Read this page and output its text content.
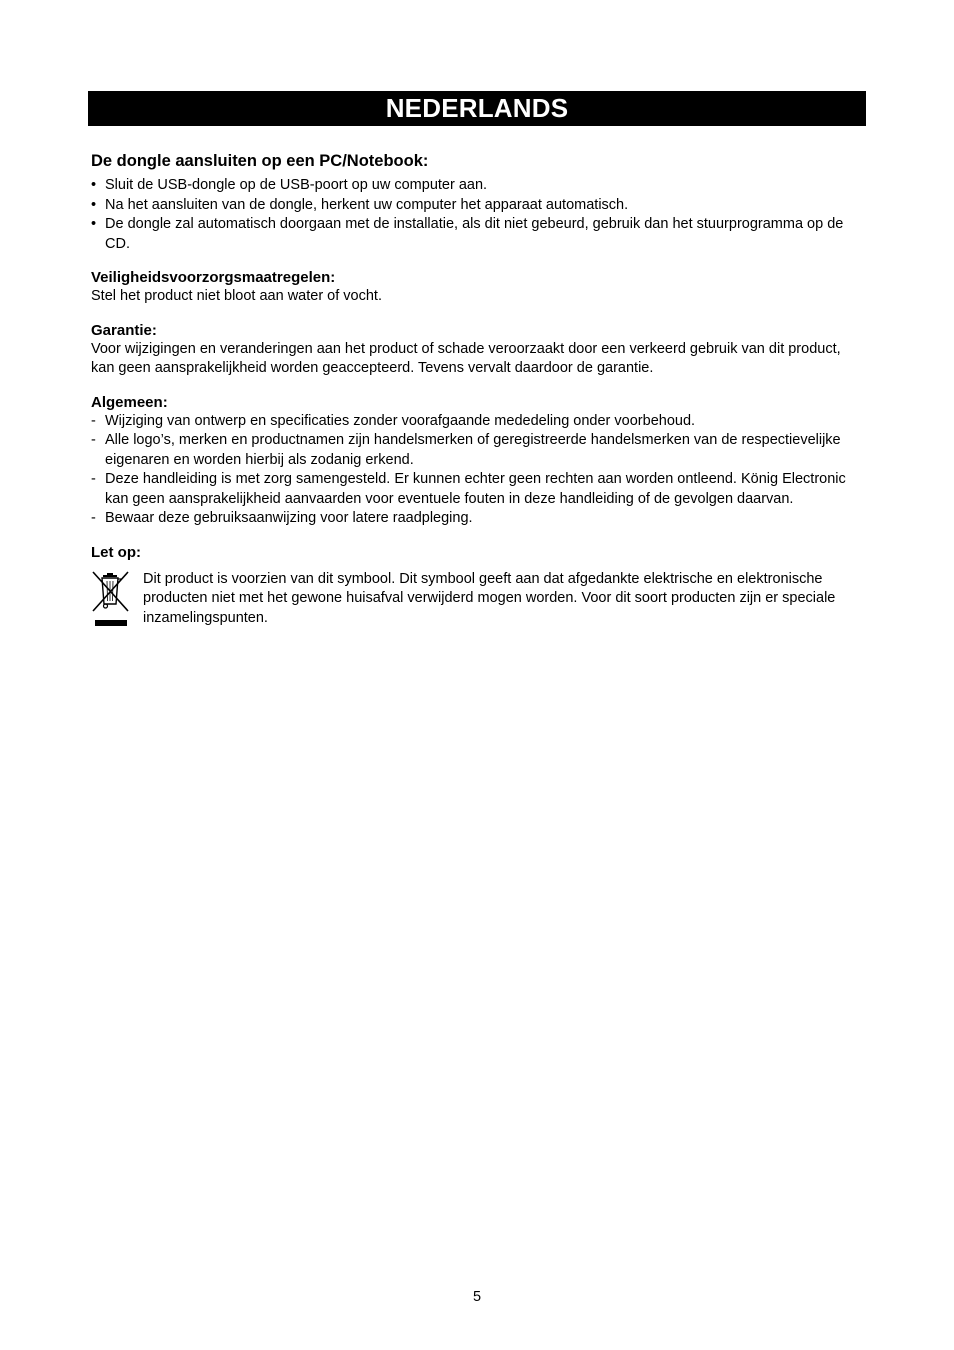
NEDERLANDS
De dongle aansluiten op een PC/Notebook:
• Sluit de USB-dongle op de USB-poort op uw computer aan.
• Na het aansluiten van de dongle, herkent uw computer het apparaat automatisch.
• De dongle zal automatisch doorgaan met de installatie, als dit niet gebeurd, gebruik dan het stuurprogramma op de CD.
Veiligheidsvoorzorgsmaatregelen:

Stel het product niet bloot aan water of vocht.

Garantie:

Voor wijzigingen en veranderingen aan het product of schade veroorzaakt door een verkeerd gebruik van dit product, kan geen aansprakelijkheid worden geaccepteerd. Tevens vervalt daardoor de garantie.

Algemeen:
- Wijziging van ontwerp en specificaties zonder voorafgaande mededeling onder voorbehoud.
- Alle logo’s, merken en productnamen zijn handelsmerken of geregistreerde handelsmerken van de respectievelijke eigenaren en worden hierbij als zodanig erkend.
- Deze handleiding is met zorg samengesteld. Er kunnen echter geen rechten aan worden ontleend. König Electronic kan geen aansprakelijkheid aanvaarden voor eventuele fouten in deze handleiding of de gevolgen daarvan.
- Bewaar deze gebruiksaanwijzing voor latere raadpleging.
Let op:

Dit product is voorzien van dit symbool. Dit symbool geeft aan dat afgedankte elektrische en elektronische producten niet met het gewone huisafval verwijderd mogen worden. Voor dit soort producten zijn er speciale inzamelingspunten.

5
